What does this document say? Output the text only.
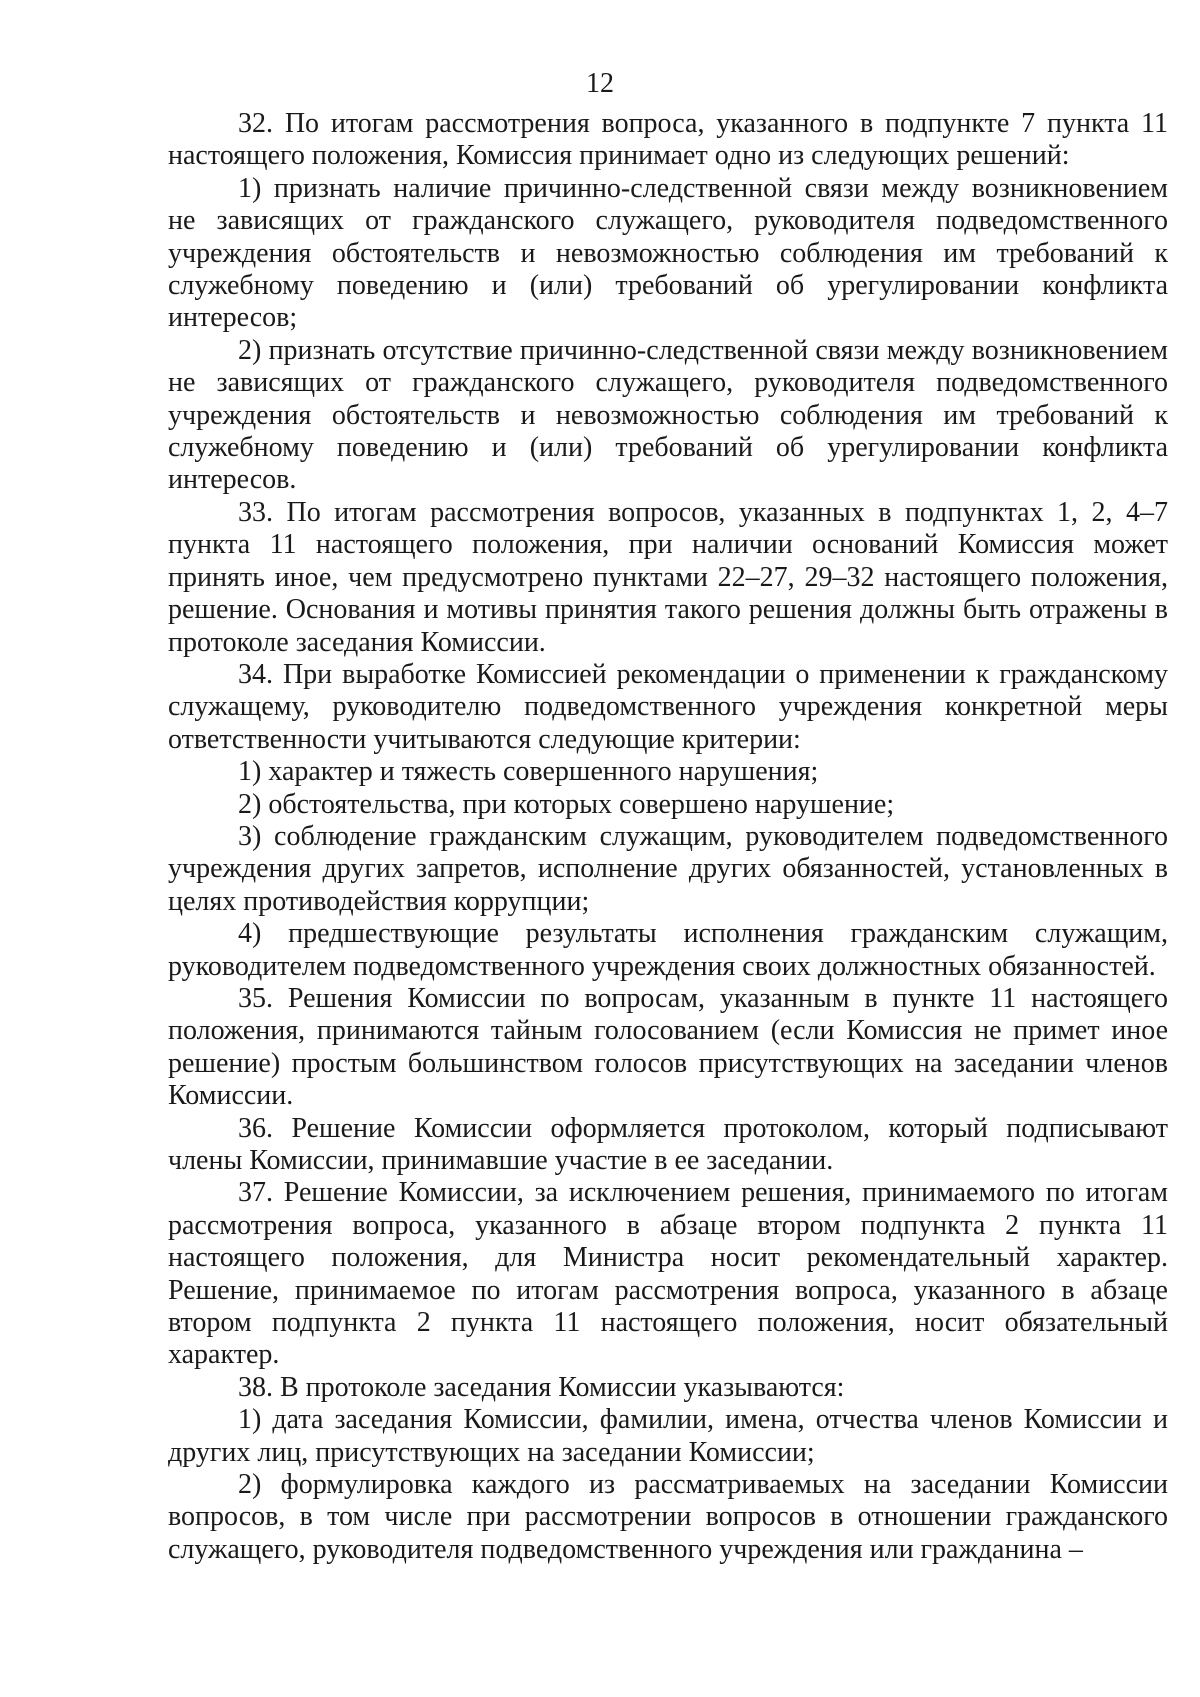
12

32. По итогам рассмотрения вопроса, указанного в подпункте 7 пункта 11 настоящего положения, Комиссия принимает одно из следующих решений:

1) признать наличие причинно-следственной связи между возникновением не зависящих от гражданского служащего, руководителя подведомственного учреждения обстоятельств и невозможностью соблюдения им требований к служебному поведению и (или) требований об урегулировании конфликта интересов;

2) признать отсутствие причинно-следственной связи между возникновением не зависящих от гражданского служащего, руководителя подведомственного учреждения обстоятельств и невозможностью соблюдения им требований к служебному поведению и (или) требований об урегулировании конфликта интересов.

33. По итогам рассмотрения вопросов, указанных в подпунктах 1, 2, 4–7 пункта 11 настоящего положения, при наличии оснований Комиссия может принять иное, чем предусмотрено пунктами 22–27, 29–32 настоящего положения, решение. Основания и мотивы принятия такого решения должны быть отражены в протоколе заседания Комиссии.

34. При выработке Комиссией рекомендации о применении к гражданскому служащему, руководителю подведомственного учреждения конкретной меры ответственности учитываются следующие критерии:

1) характер и тяжесть совершенного нарушения;

2) обстоятельства, при которых совершено нарушение;

3) соблюдение гражданским служащим, руководителем подведомственного учреждения других запретов, исполнение других обязанностей, установленных в целях противодействия коррупции;

4) предшествующие результаты исполнения гражданским служащим, руководителем подведомственного учреждения своих должностных обязанностей.

35. Решения Комиссии по вопросам, указанным в пункте 11 настоящего положения, принимаются тайным голосованием (если Комиссия не примет иное решение) простым большинством голосов присутствующих на заседании членов Комиссии.

36. Решение Комиссии оформляется протоколом, который подписывают члены Комиссии, принимавшие участие в ее заседании.

37. Решение Комиссии, за исключением решения, принимаемого по итогам рассмотрения вопроса, указанного в абзаце втором подпункта 2 пункта 11 настоящего положения, для Министра носит рекомендательный характер. Решение, принимаемое по итогам рассмотрения вопроса, указанного в абзаце втором подпункта 2 пункта 11 настоящего положения, носит обязательный характер.

38. В протоколе заседания Комиссии указываются:

1) дата заседания Комиссии, фамилии, имена, отчества членов Комиссии и других лиц, присутствующих на заседании Комиссии;

2) формулировка каждого из рассматриваемых на заседании Комиссии вопросов, в том числе при рассмотрении вопросов в отношении гражданского служащего, руководителя подведомственного учреждения или гражданина –
